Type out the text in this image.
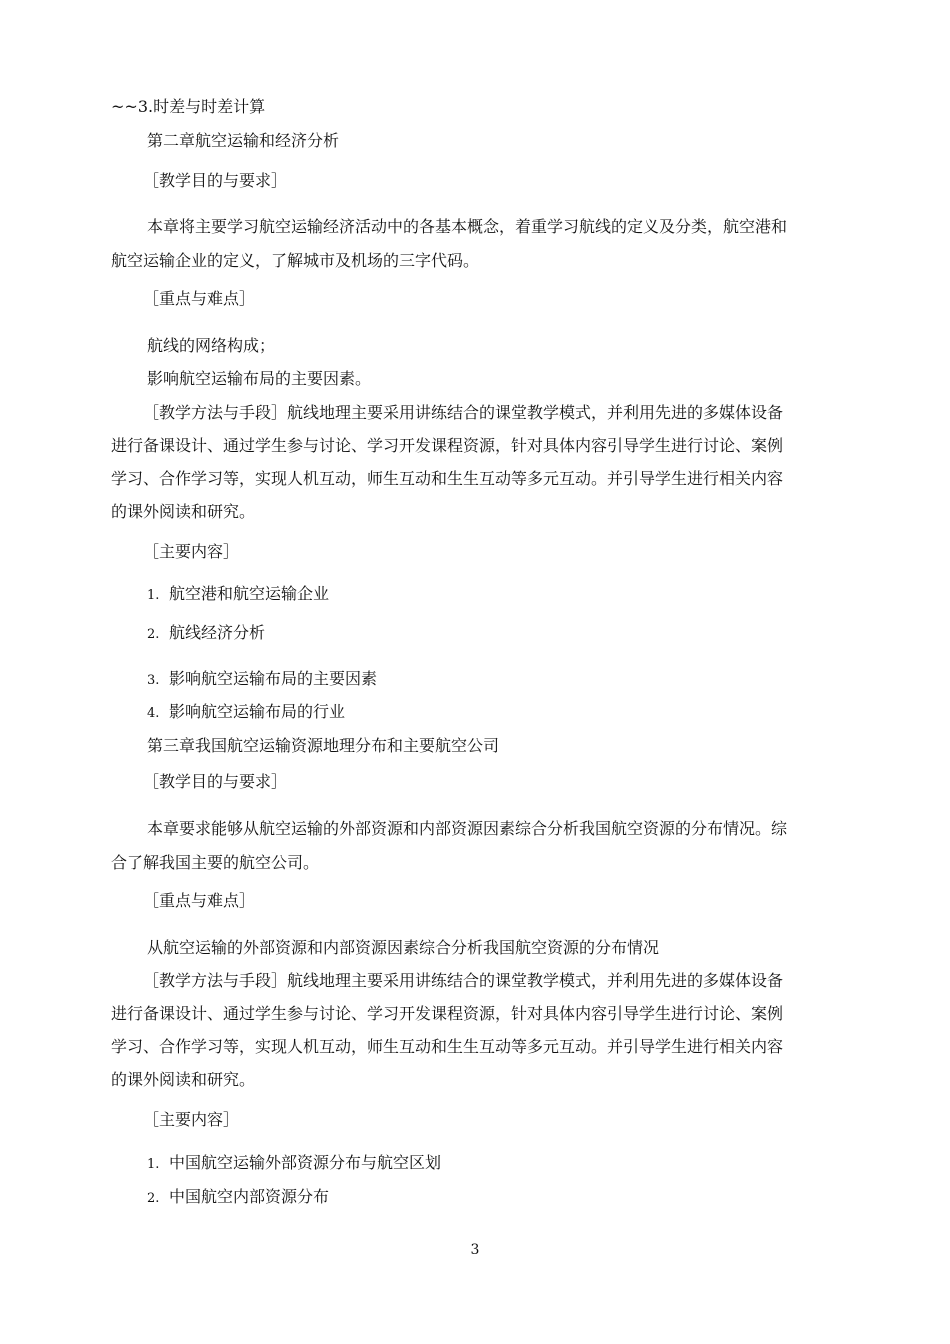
~~3.时差与时差计算
第二章航空运输和经济分析
［教学目的与要求］
本章将主要学习航空运输经济活动中的各基本概念，着重学习航线的定义及分类，航空港和
航空运输企业的定义，了解城市及机场的三字代码。
［重点与难点］
航线的网络构成；
影响航空运输布局的主要因素。
［教学方法与手段］航线地理主要采用讲练结合的课堂教学模式，并利用先进的多媒体设备
进行备课设计、通过学生参与讨论、学习开发课程资源，针对具体内容引导学生进行讨论、案例
学习、合作学习等，实现人机互动，师生互动和生生互动等多元互动。并引导学生进行相关内容
的课外阅读和研究。
［主要内容］
1. 航空港和航空运输企业
2. 航线经济分析
3. 影响航空运输布局的主要因素
4. 影响航空运输布局的行业
第三章我国航空运输资源地理分布和主要航空公司
［教学目的与要求］
本章要求能够从航空运输的外部资源和内部资源因素综合分析我国航空资源的分布情况。综
合了解我国主要的航空公司。
［重点与难点］
从航空运输的外部资源和内部资源因素综合分析我国航空资源的分布情况
［教学方法与手段］航线地理主要采用讲练结合的课堂教学模式，并利用先进的多媒体设备
进行备课设计、通过学生参与讨论、学习开发课程资源，针对具体内容引导学生进行讨论、案例
学习、合作学习等，实现人机互动，师生互动和生生互动等多元互动。并引导学生进行相关内容
的课外阅读和研究。
［主要内容］
1. 中国航空运输外部资源分布与航空区划
2. 中国航空内部资源分布
3
